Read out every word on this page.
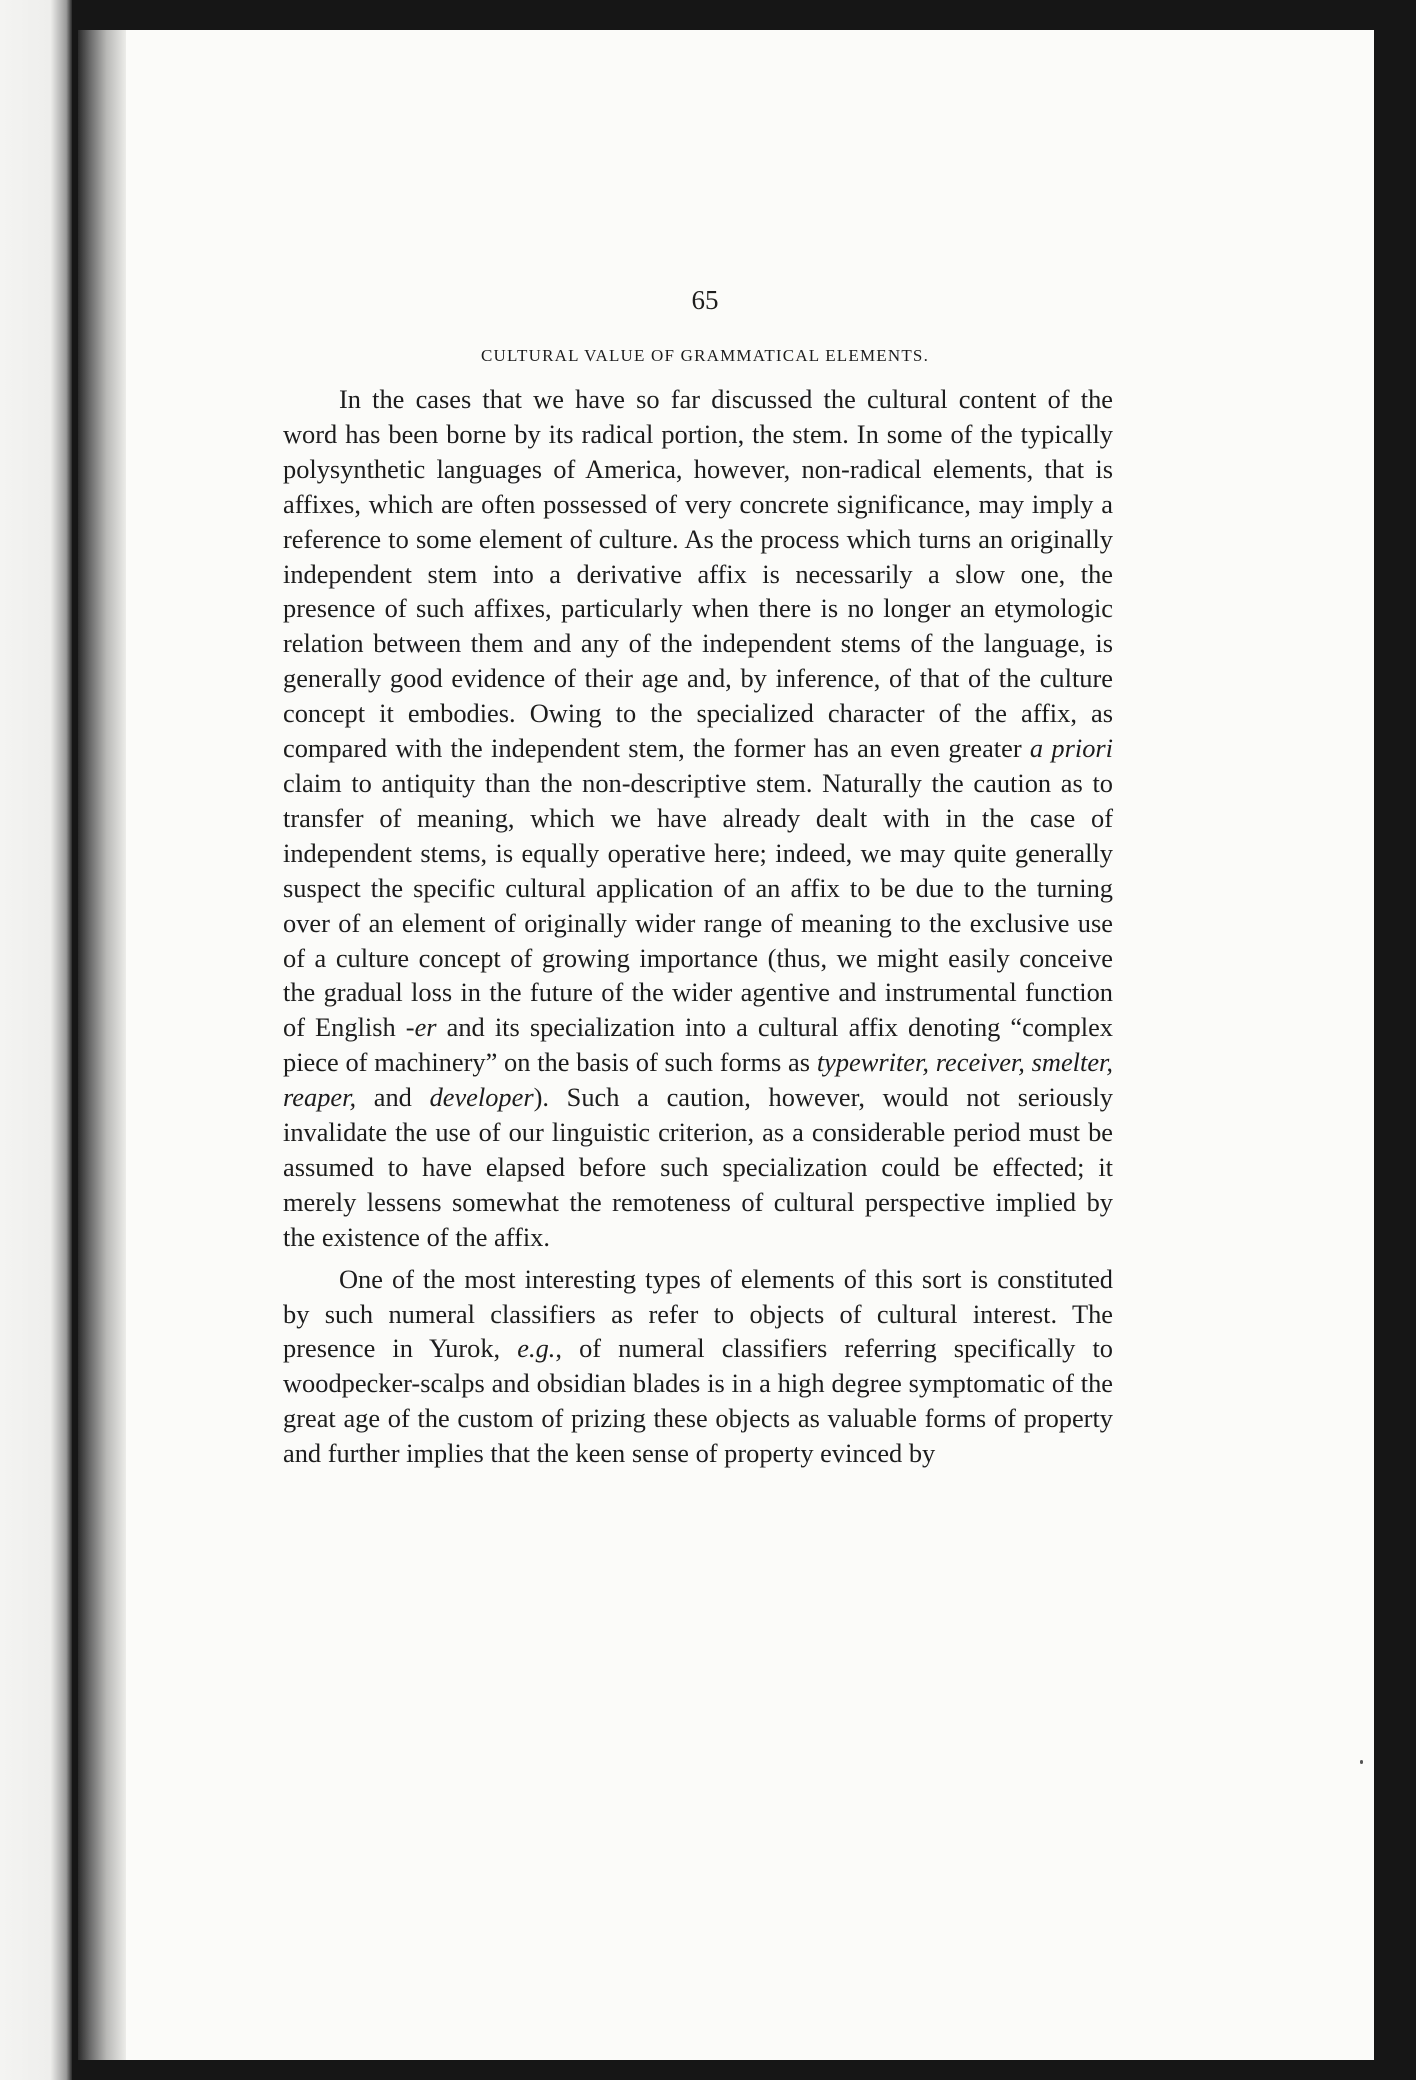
65
CULTURAL VALUE OF GRAMMATICAL ELEMENTS.

In the cases that we have so far discussed the cultural content of the word has been borne by its radical portion, the stem. In some of the typically polysynthetic languages of America, however, non-radical elements, that is affixes, which are often possessed of very concrete significance, may imply a reference to some element of culture. As the process which turns an originally independent stem into a derivative affix is necessarily a slow one, the presence of such affixes, particularly when there is no longer an etymologic relation between them and any of the independent stems of the language, is generally good evidence of their age and, by inference, of that of the culture concept it embodies. Owing to the specialized character of the affix, as compared with the independent stem, the former has an even greater a priori claim to antiquity than the non-descriptive stem. Naturally the caution as to transfer of meaning, which we have already dealt with in the case of independent stems, is equally operative here; indeed, we may quite generally suspect the specific cultural application of an affix to be due to the turning over of an element of originally wider range of meaning to the exclusive use of a culture concept of growing importance (thus, we might easily conceive the gradual loss in the future of the wider agentive and instrumental function of English -er and its specialization into a cultural affix denoting “complex piece of machinery” on the basis of such forms as typewriter, receiver, smelter, reaper, and developer). Such a caution, however, would not seriously invalidate the use of our linguistic criterion, as a considerable period must be assumed to have elapsed before such specialization could be effected; it merely lessens somewhat the remoteness of cultural perspective implied by the existence of the affix.

One of the most interesting types of elements of this sort is constituted by such numeral classifiers as refer to objects of cultural interest. The presence in Yurok, e.g., of numeral classifiers referring specifically to woodpecker-scalps and obsidian blades is in a high degree symptomatic of the great age of the custom of prizing these objects as valuable forms of property and further implies that the keen sense of property evinced by
